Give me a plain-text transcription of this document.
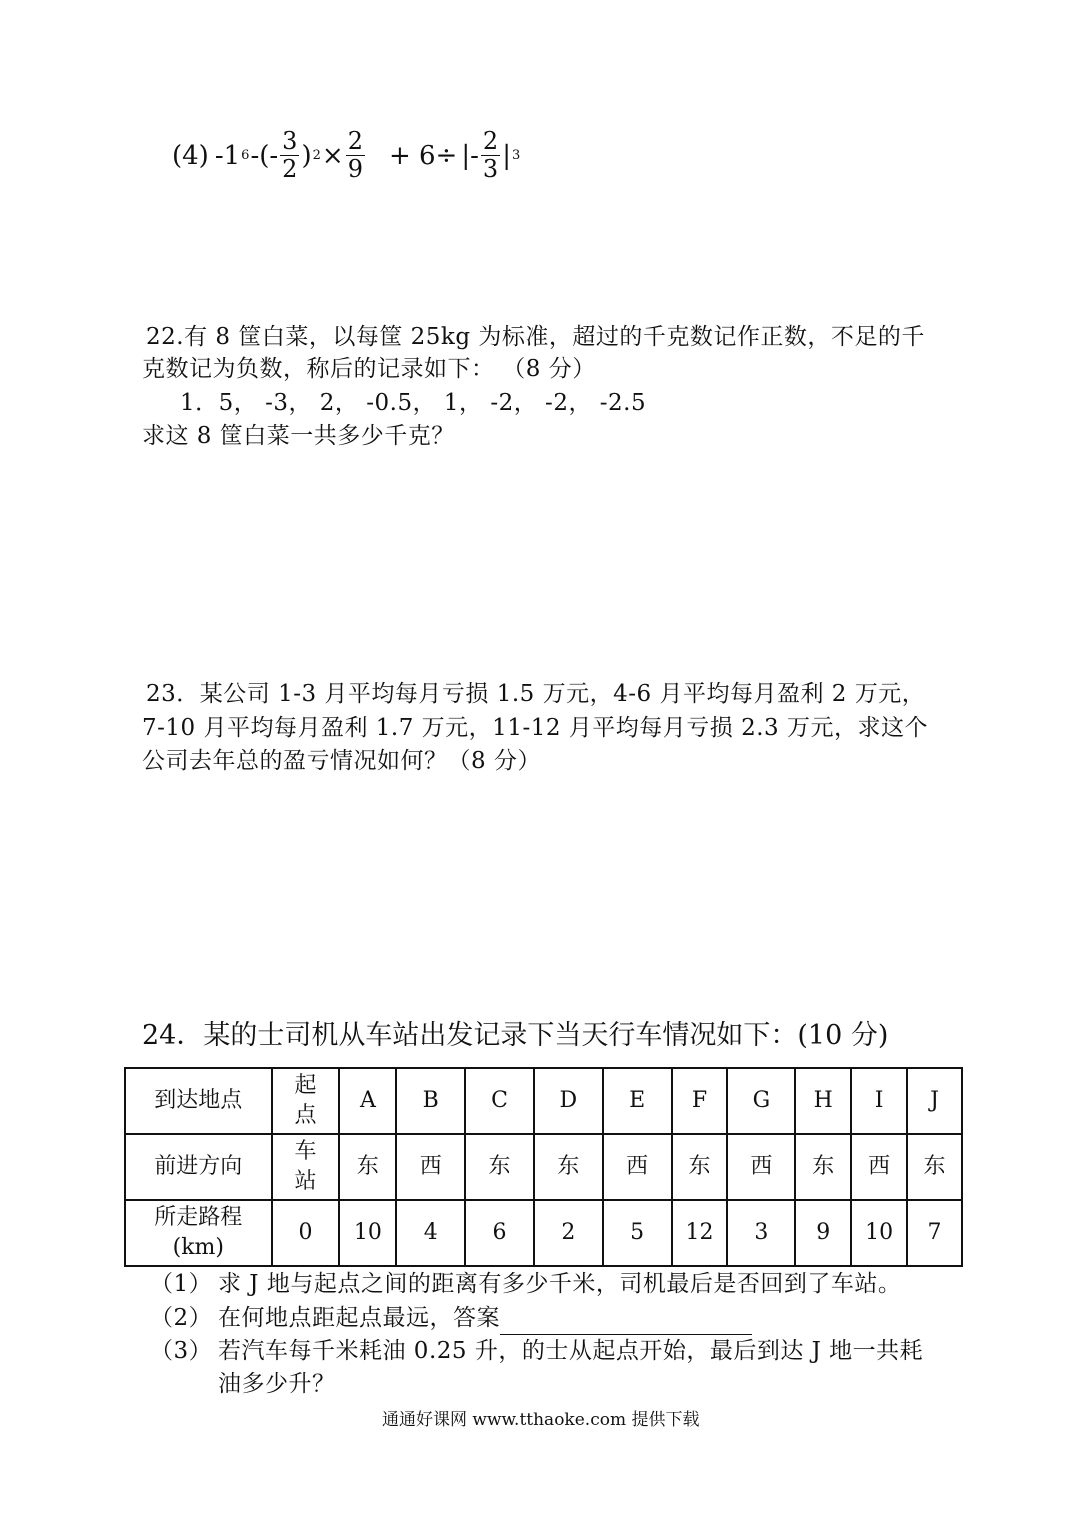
(4) -1 6 -(- $\frac{3}{2}$ ) $2 \times \frac{2}{9} + 6\div$ |- $\frac{2}{3}$ | 3
22.有 8 筐白菜，以每筐 25kg 为标准，超过的千克数记作正数，不足的千
克数记为负数，称后的记录如下： （8 分）
1．5， -3， 2， -0.5， 1， -2， -2， -2.5
求这 8 筐白菜一共多少千克？
23．某公司 1-3 月平均每月亏损 1.5 万元，4-6 月平均每月盈利 2 万元，
7-10 月平均每月盈利 1.7 万元，11-12 月平均每月亏损 2.3 万元，求这个
公司去年总的盈亏情况如何？（8 分）
24．某的士司机从车站出发记录下当天行车情况如下：(10 分)
到达地点	起
点	A	B	C	D	E	F	G	H	I	J
前进方向	车
站	东	西	东	东	西	东	西	东	西	东

所走路程
(km)	0	10	4	6	2	5	12	3	9	10	7
（1） 求 J 地与起点之间的距离有多少千米，司机最后是否回到了车站。
（2） 在何地点距起点最远，答案
（3） 若汽车每千米耗油 0.25 升，的士从起点开始，最后到达 J 地一共耗
油多少升？
通通好课网 www.tthaoke.com 提供下载
